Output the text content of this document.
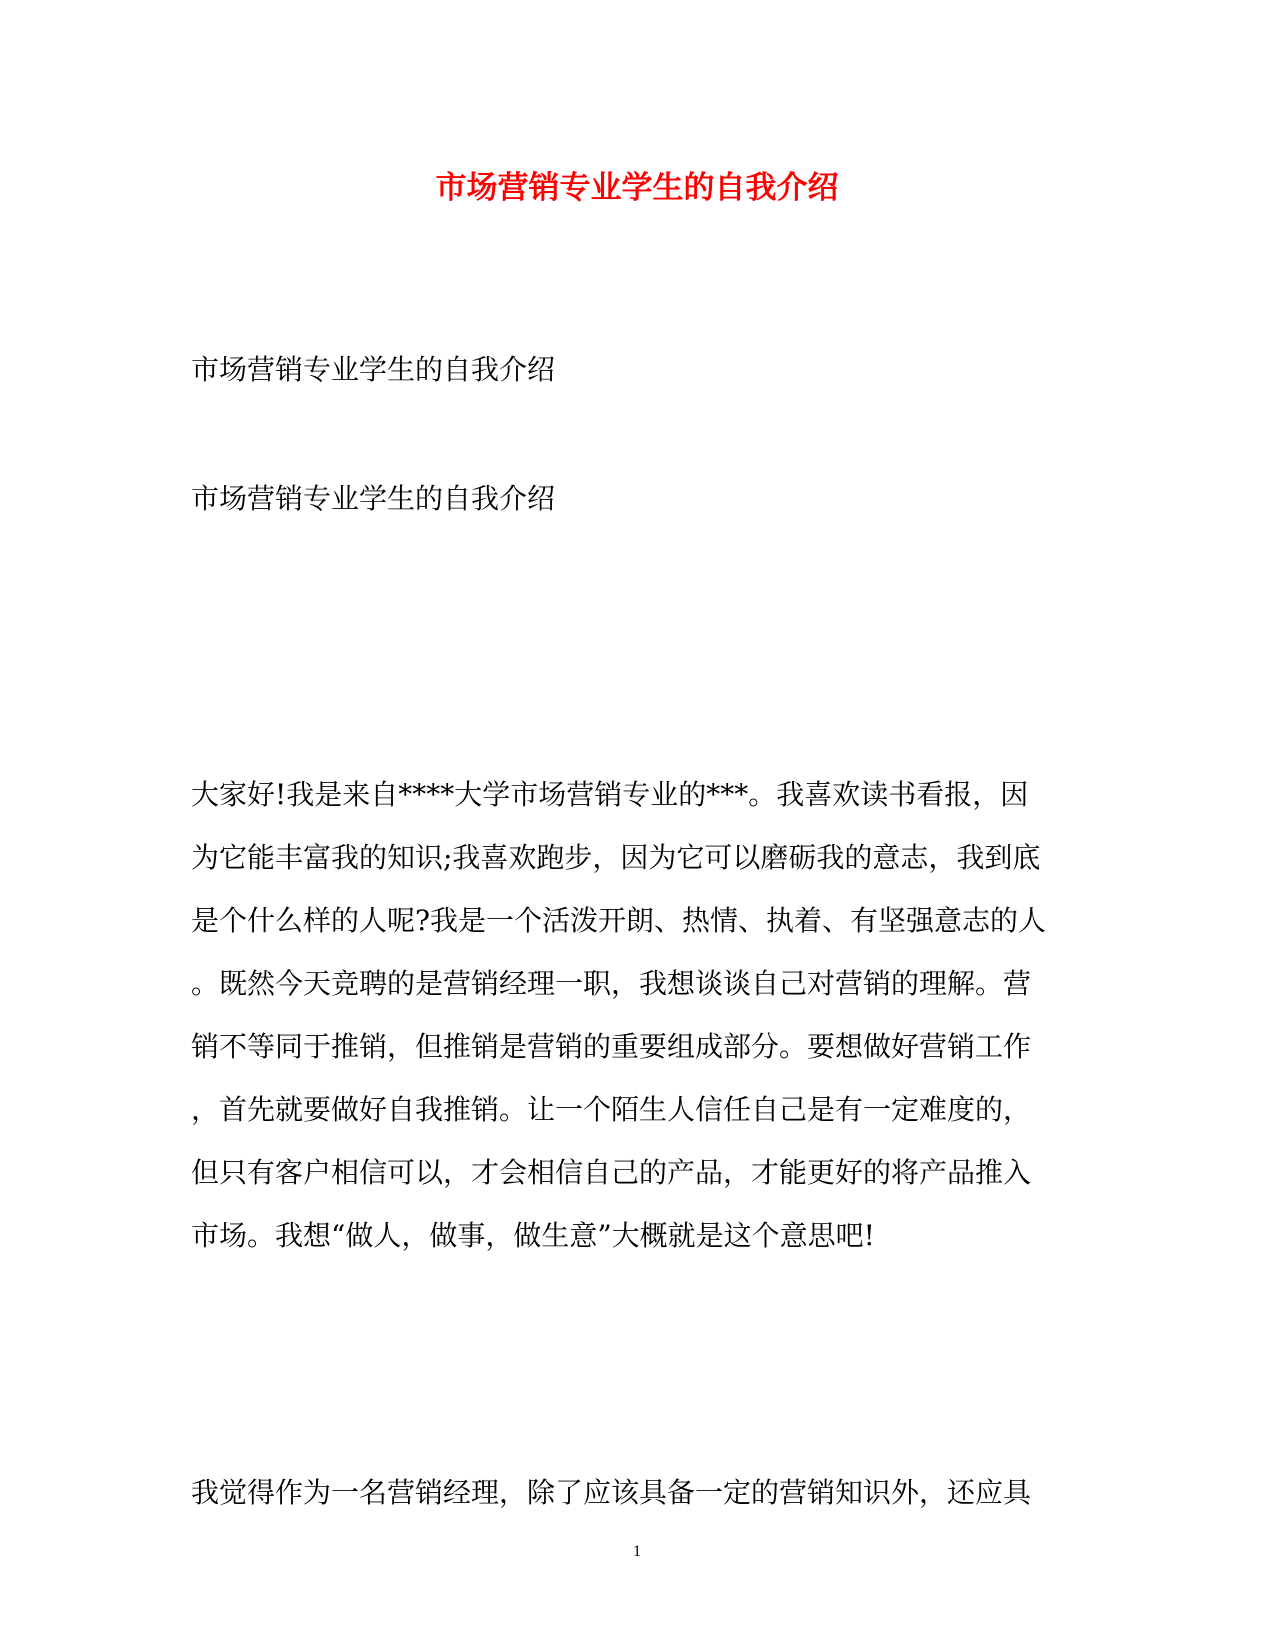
市场营销专业学生的自我介绍
市场营销专业学生的自我介绍
市场营销专业学生的自我介绍
大家好!我是来自****大学市场营销专业的***。我喜欢读书看报，因
为它能丰富我的知识;我喜欢跑步，因为它可以磨砺我的意志，我到底
是个什么样的人呢?我是一个活泼开朗、热情、执着、有坚强意志的人
。既然今天竞聘的是营销经理一职，我想谈谈自己对营销的理解。营
销不等同于推销，但推销是营销的重要组成部分。要想做好营销工作
，首先就要做好自我推销。让一个陌生人信任自己是有一定难度的，
但只有客户相信可以，才会相信自己的产品，才能更好的将产品推入
市场。我想“做人，做事，做生意”大概就是这个意思吧!
我觉得作为一名营销经理，除了应该具备一定的营销知识外，还应具
1
